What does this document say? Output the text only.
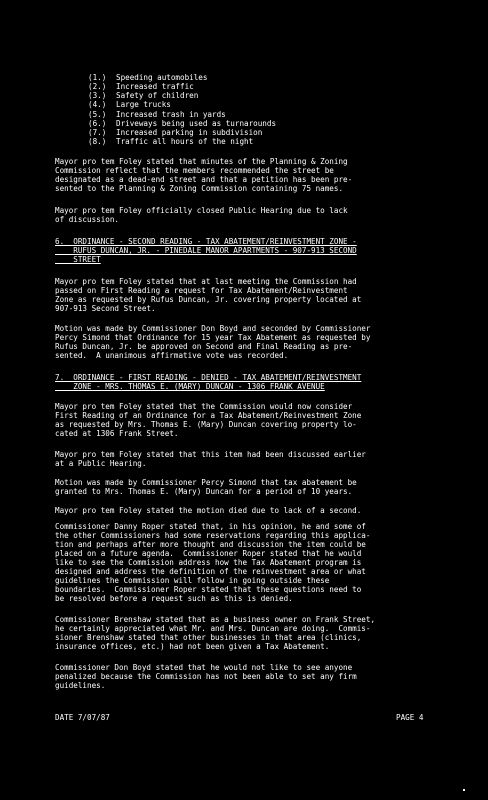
(1.) Speeding automobiles
(2.) Increased traffic
(3.) Safety of children
(4.) Large trucks
(5.) Increased trash in yards
(6.) Driveways being used as turnarounds
(7.) Increased parking in subdivision
(8.) Traffic all hours of the night
Mayor pro tem Foley stated that minutes of the Planning & Zoning
Commission reflect that the members recommended the street be
designated as a dead-end street and that a petition has been pre-
sented to the Planning & Zoning Commission containing 75 names.
Mayor pro tem Foley officially closed Public Hearing due to lack
of discussion.
6.  ORDINANCE - SECOND READING - TAX ABATEMENT/REINVESTMENT ZONE -
RUFUS DUNCAN, JR. - PINEDALE MANOR APARTMENTS - 907-913 SECOND
STREET
Mayor pro tem Foley stated that at last meeting the Commission had
passed on First Reading a request for Tax Abatement/Reinvestment
Zone as requested by Rufus Duncan, Jr. covering property located at
907-913 Second Street.
Motion was made by Commissioner Don Boyd and seconded by Commissioner
Percy Simond that Ordinance for 15 year Tax Abatement as requested by
Rufus Duncan, Jr. be approved on Second and Final Reading as pre-
sented.  A unanimous affirmative vote was recorded.
7.  ORDINANCE - FIRST READING - DENIED - TAX ABATEMENT/REINVESTMENT
ZONE - MRS. THOMAS E. (MARY) DUNCAN - 1306 FRANK AVENUE
Mayor pro tem Foley stated that the Commission would now consider
First Reading of an Ordinance for a Tax Abatement/Reinvestment Zone
as requested by Mrs. Thomas E. (Mary) Duncan covering property lo-
cated at 1306 Frank Street.
Mayor pro tem Foley stated that this item had been discussed earlier
at a Public Hearing.
Motion was made by Commissioner Percy Simond that tax abatement be
granted to Mrs. Thomas E. (Mary) Duncan for a period of 10 years.
Mayor pro tem Foley stated the motion died due to lack of a second.
Commissioner Danny Roper stated that, in his opinion, he and some of
the other Commissioners had some reservations regarding this applica-
tion and perhaps after more thought and discussion the item could be
placed on a future agenda.  Commissioner Roper stated that he would
like to see the Commission address how the Tax Abatement program is
designed and address the definition of the reinvestment area or what
guidelines the Commission will follow in going outside these
boundaries.  Commissioner Roper stated that these questions need to
be resolved before a request such as this is denied.
Commissioner Brenshaw stated that as a business owner on Frank Street,
he certainly appreciated what Mr. and Mrs. Duncan are doing.  Commis-
sioner Brenshaw stated that other businesses in that area (clinics,
insurance offices, etc.) had not been given a Tax Abatement.
Commissioner Don Boyd stated that he would not like to see anyone
penalized because the Commission has not been able to set any firm
guidelines.
DATE 7/07/87	PAGE 4
